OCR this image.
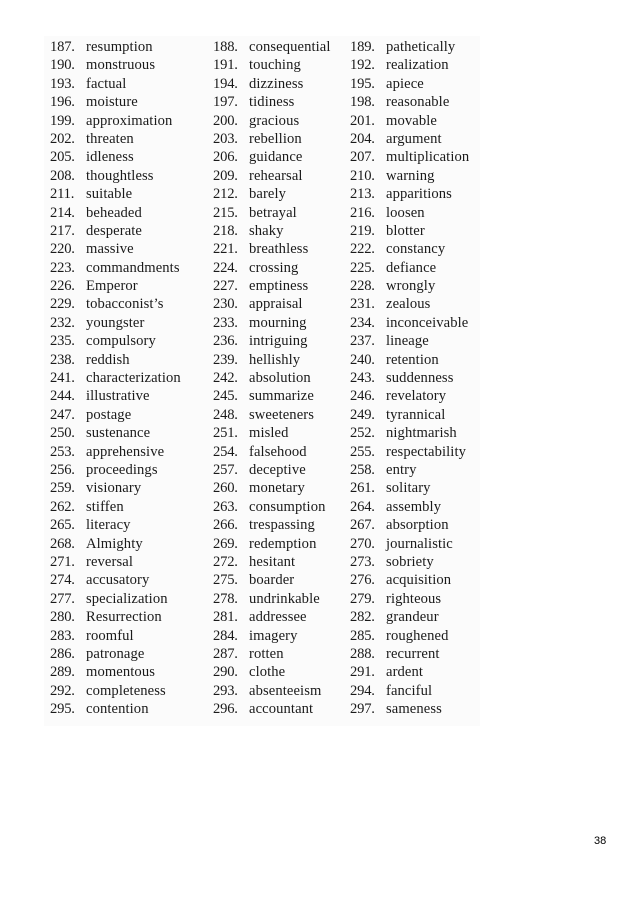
187. resumption	188. consequential 189. pathetically
190. monstruous	191. touching	192. realization
193. factual	194. dizziness	195. apiece
196. moisture	197. tidiness	198. reasonable
199. approximation	200. gracious	201. movable
202. threaten	203. rebellion	204. argument
205. idleness	206. guidance	207. multiplication
208. thoughtless	209. rehearsal	210. warning
211. suitable	212. barely	213. apparitions
214. beheaded	215. betrayal	216. loosen
217. desperate	218. shaky	219. blotter
220. massive	221. breathless	222. constancy
223. commandments 224. crossing	225. defiance
226. Emperor	227. emptiness	228. wrongly
229. tobacconist’s	230. appraisal	231. zealous
232. youngster	233. mourning	234. inconceivable
235. compulsory	236. intriguing	237. lineage
238. reddish	239. hellishly	240. retention
241. characterization 242. absolution	243. suddenness
244. illustrative	245. summarize 246. revelatory
247. postage	248. sweeteners 249. tyrannical
250. sustenance	251. misled	252. nightmarish
253. apprehensive	254. falsehood	255. respectability
256. proceedings	257. deceptive	258. entry
259. visionary	260. monetary	261. solitary
262. stiffen	263. consumption 264. assembly
265. literacy	266. trespassing 267. absorption
268. Almighty	269. redemption 270. journalistic
271. reversal	272. hesitant	273. sobriety
274. accusatory	275. boarder	276. acquisition
277. specialization	278. undrinkable 279. righteous
280. Resurrection	281. addressee	282. grandeur
283. roomful	284. imagery	285. roughened
286. patronage	287. rotten	288. recurrent
289. momentous	290. clothe	291. ardent
292. completeness	293. absenteeism 294. fanciful
295. contention	296. accountant	297. sameness
38
